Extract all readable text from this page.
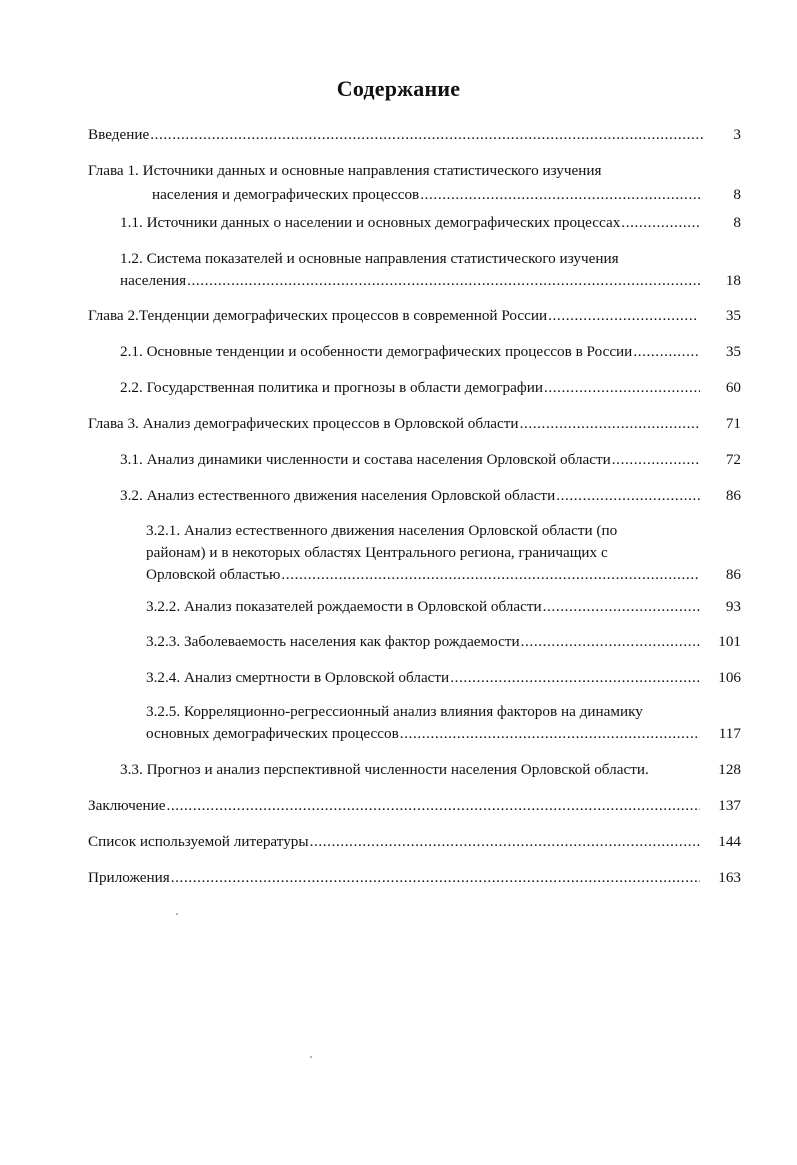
Содержание
Введение .....	3
Глава 1. Источники данных и основные направления статистического изучения
населения и демографических процессов .....	8
1.1. Источники данных о населении и основных демографических процессах .....	8
1.2. Система показателей и основные направления статистического изучения
населения .....	18
Глава 2.Тенденции демографических процессов в современной России .....	35
2.1. Основные тенденции и особенности демографических процессов в России .....	35
2.2. Государственная политика и прогнозы в области демографии .....	60
Глава 3. Анализ демографических процессов в Орловской области .....	71
3.1. Анализ динамики численности и состава населения Орловской области .....	72
3.2. Анализ естественного движения населения Орловской области .....	86
3.2.1. Анализ естественного движения населения Орловской области (по
районам) и в некоторых областях Центрального региона, граничащих с
Орловской областью .....	86
3.2.2. Анализ показателей рождаемости в Орловской области .....	93
3.2.3. Заболеваемость населения как фактор рождаемости .....	101
3.2.4. Анализ смертности в Орловской области .....	106
3.2.5. Корреляционно-регрессионный анализ влияния факторов на динамику
основных демографических процессов .....	117
3.3. Прогноз и анализ перспективной численности населения Орловской области.	128
Заключение .....	137
Список используемой литературы .....	144
Приложения .....	163
